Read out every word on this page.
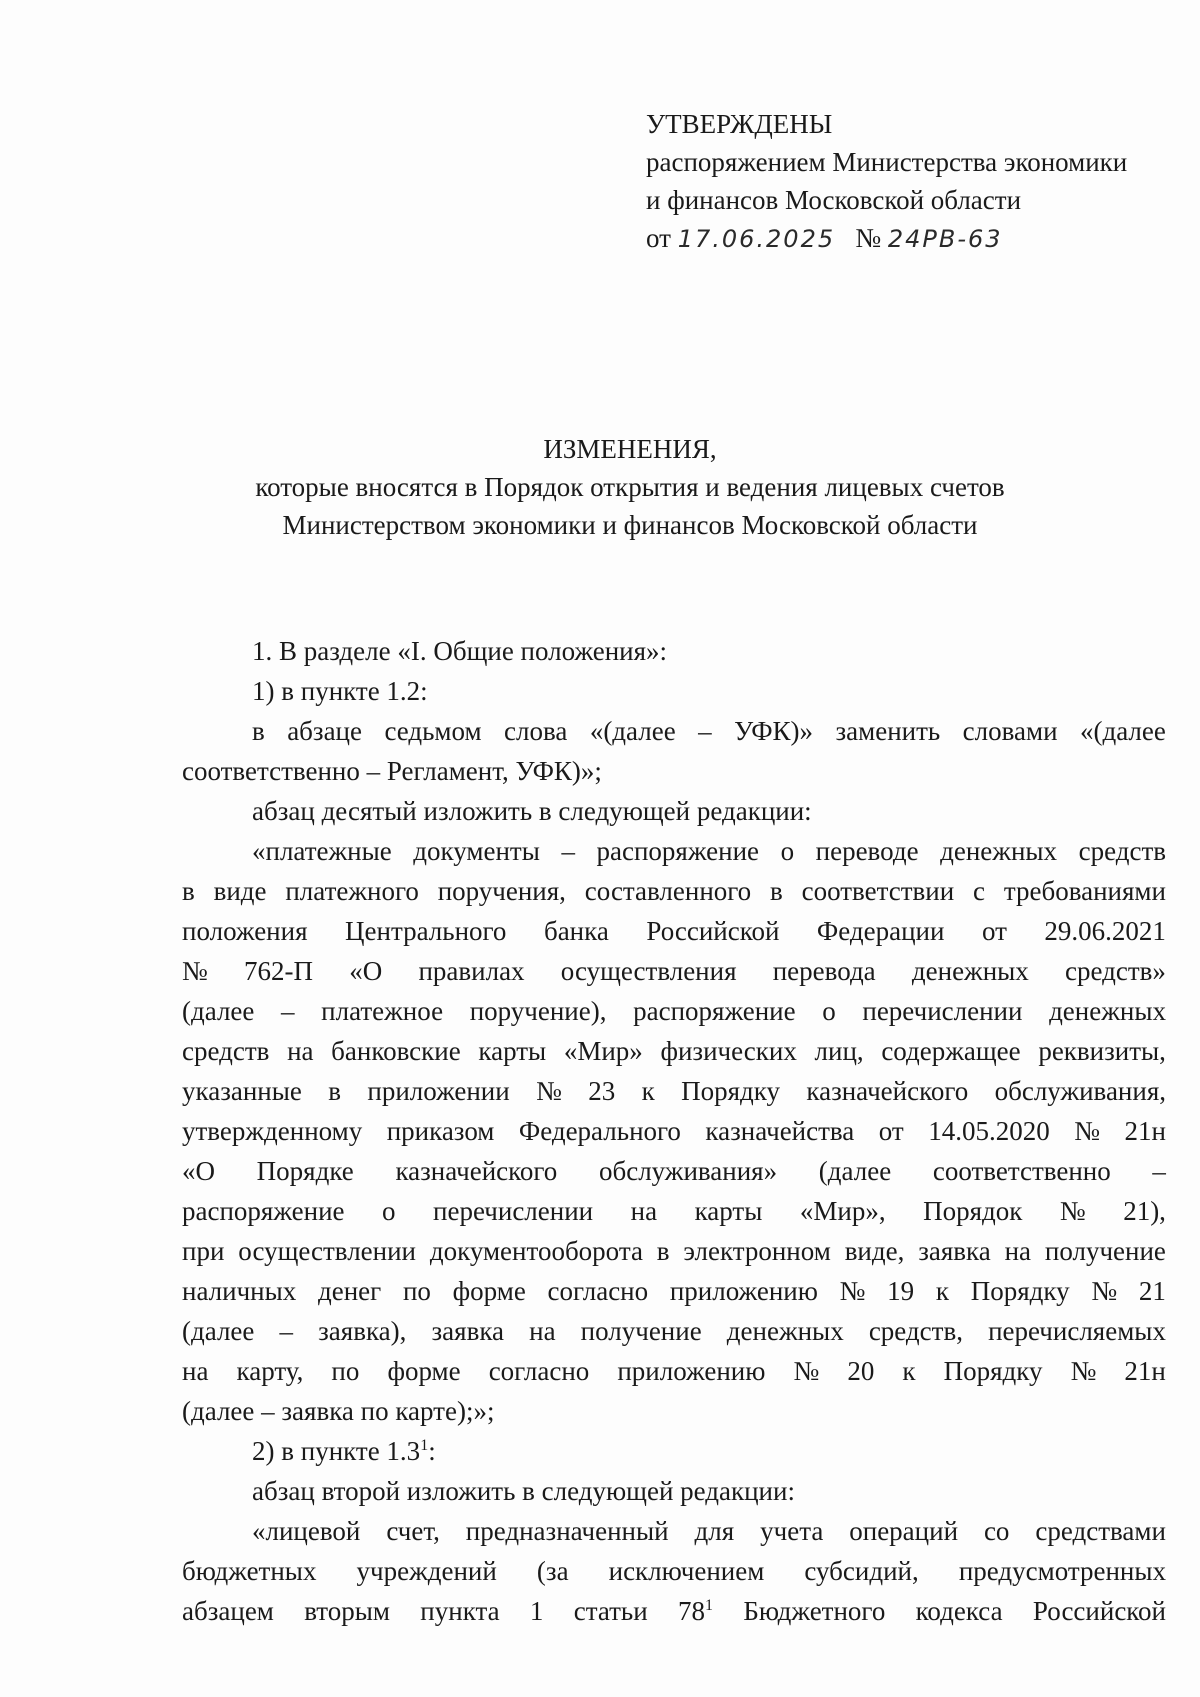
УТВЕРЖДЕНЫ
распоряжением Министерства экономики
и финансов Московской области
от 17.06.2025 № 24РВ-63
ИЗМЕНЕНИЯ,
которые вносятся в Порядок открытия и ведения лицевых счетов
Министерством экономики и финансов Московской области
1. В разделе «I. Общие положения»:
1) в пункте 1.2:
в абзаце седьмом слова «(далее – УФК)» заменить словами «(далее
соответственно – Регламент, УФК)»;
абзац десятый изложить в следующей редакции:
«платежные документы – распоряжение о переводе денежных средств
в виде платежного поручения, составленного в соответствии с требованиями
положения Центрального банка Российской Федерации от 29.06.2021
№ 762-П «О правилах осуществления перевода денежных средств»
(далее – платежное поручение), распоряжение о перечислении денежных
средств на банковские карты «Мир» физических лиц, содержащее реквизиты,
указанные в приложении № 23 к Порядку казначейского обслуживания,
утвержденному приказом Федерального казначейства от 14.05.2020 № 21н
«О Порядке казначейского обслуживания» (далее соответственно –
распоряжение о перечислении на карты «Мир», Порядок № 21),
при осуществлении документооборота в электронном виде, заявка на получение
наличных денег по форме согласно приложению № 19 к Порядку № 21
(далее – заявка), заявка на получение денежных средств, перечисляемых
на карту, по форме согласно приложению № 20 к Порядку № 21н
(далее – заявка по карте);»;
2) в пункте $1.3^1$:
абзац второй изложить в следующей редакции:
«лицевой счет, предназначенный для учета операций со средствами
бюджетных учреждений (за исключением субсидий, предусмотренных
абзацем вторым пункта 1 статьи $78^1$ Бюджетного кодекса Российской
